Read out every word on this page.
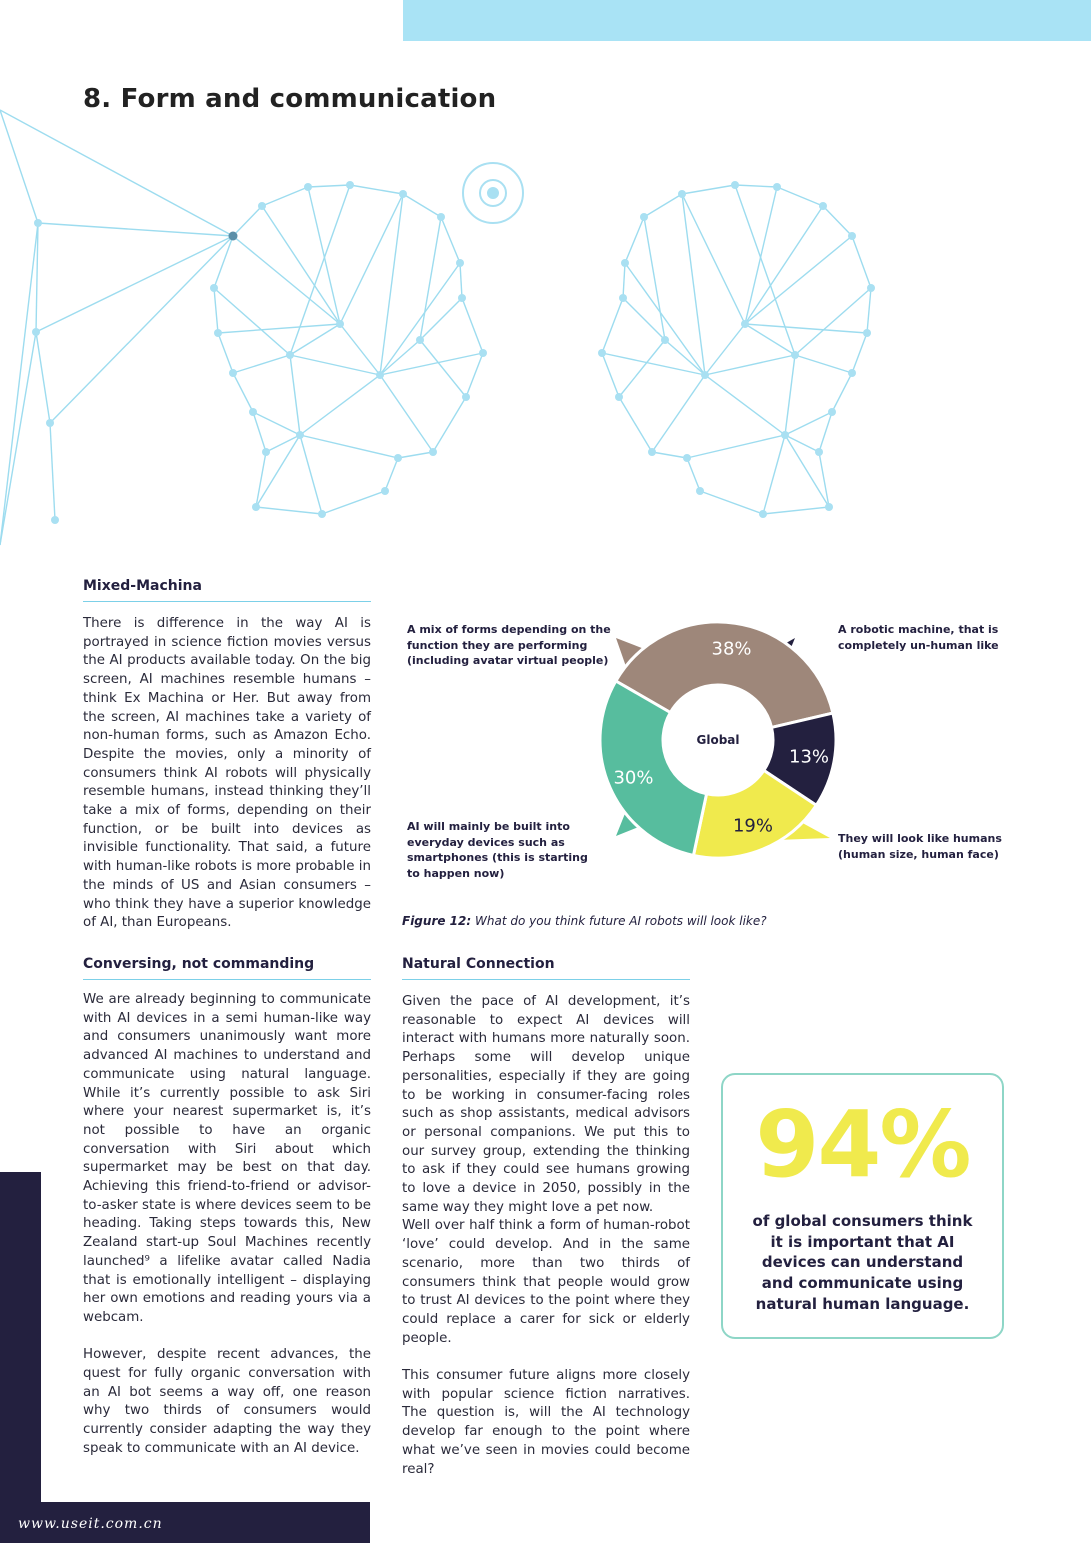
8. Form and communication
Mixed-Machina

There is difference in the way AI is portrayed in science fiction movies versus the AI products available today. On the big screen, AI machines resemble humans – think Ex Machina or Her. But away from the screen, AI machines take a variety of non-human forms, such as Amazon Echo. Despite the movies, only a minority of consumers think AI robots will physically resemble humans, instead thinking they’ll take a mix of forms, depending on their function, or be built into devices as invisible functionality. That said, a future with human-like robots is more probable in the minds of US and Asian consumers – who think they have a superior knowledge of AI, than Europeans.

38%
13%
19%
30%
Global

A mix of forms depending on the function they are performing (including avatar virtual people)

A robotic machine, that is completely un-human like

They will look like humans (human size, human face)

AI will mainly be built into everyday devices such as smartphones (this is starting to happen now)

Figure 12: What do you think future AI robots will look like?

Conversing, not commanding

We are already beginning to communicate with AI devices in a semi human-like way and consumers unanimously want more advanced AI machines to understand and communicate using natural language. While it’s currently possible to ask Siri where your nearest supermarket is, it’s not possible to have an organic conversation with Siri about which supermarket may be best on that day. Achieving this friend-to-friend or advisor-to-asker state is where devices seem to be heading. Taking steps towards this, New Zealand start-up Soul Machines recently launched⁹ a lifelike avatar called Nadia that is emotionally intelligent – displaying her own emotions and reading yours via a webcam.

However, despite recent advances, the quest for fully organic conversation with an AI bot seems a way off, one reason why two thirds of consumers would currently consider adapting the way they speak to communicate with an AI device.

Natural Connection

Given the pace of AI development, it’s reasonable to expect AI devices will interact with humans more naturally soon. Perhaps some will develop unique personalities, especially if they are going to be working in consumer-facing roles such as shop assistants, medical advisors or personal companions. We put this to our survey group, extending the thinking to ask if they could see humans growing to love a device in 2050, possibly in the same way they might love a pet now.

Well over half think a form of human-robot ‘love’ could develop. And in the same scenario, more than two thirds of consumers think that people would grow to trust AI devices to the point where they could replace a carer for sick or elderly people.

This consumer future aligns more closely with popular science fiction narratives. The question is, will the AI technology develop far enough to the point where what we’ve seen in movies could become real?

94%

of global consumers think it is important that AI devices can understand and communicate using natural human language.

www.useit.com.cn
